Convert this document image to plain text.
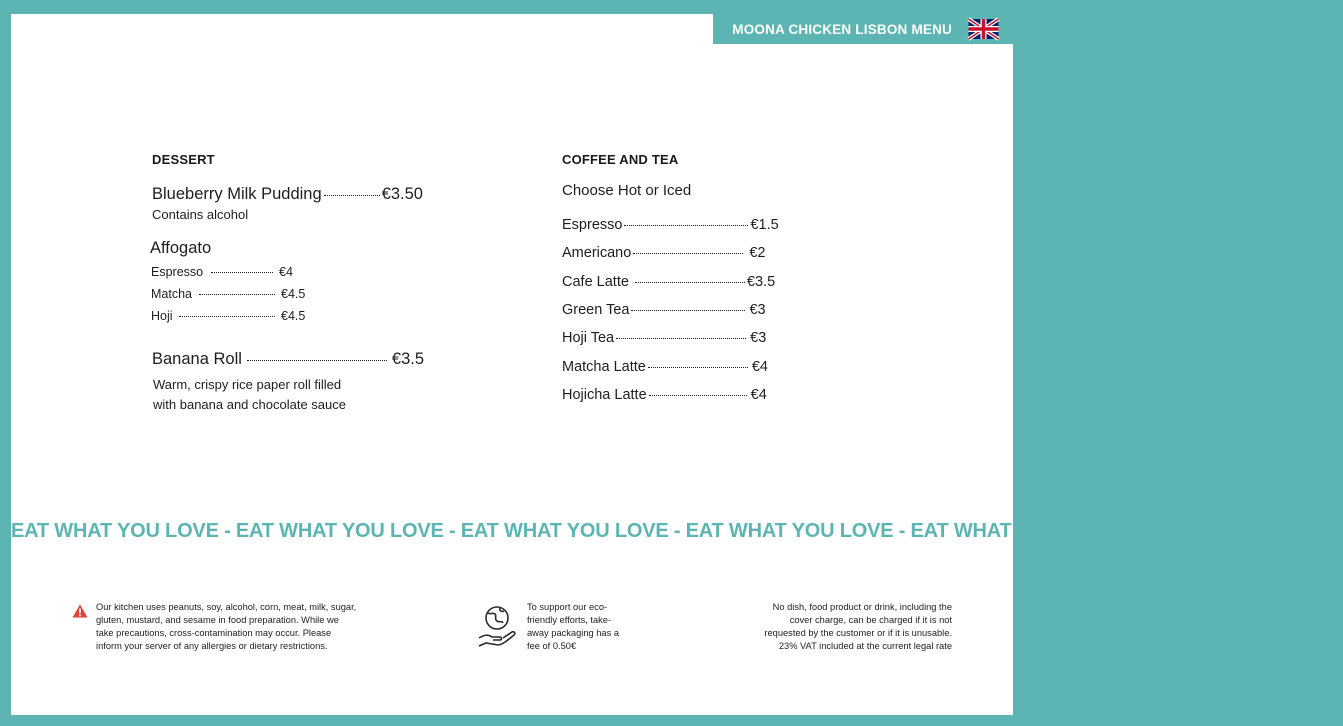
MOONA CHICKEN LISBON MENU
DESSERT
Blueberry Milk Pudding	€3.50
Contains alcohol
Affogato
Espresso	€4
Matcha	€4.5
Hoji	€4.5
Banana Roll	€3.5
Warm, crispy rice paper roll filled
with banana and chocolate sauce
COFFEE AND TEA
Choose Hot or Iced
Espresso	€1.5
Americano	€2
Cafe Latte	€3.5
Green Tea	€3
Hoji Tea	€3
Matcha Latte	€4
Hojicha Latte	€4
EAT WHAT YOU LOVE - EAT WHAT YOU LOVE - EAT WHAT YOU LOVE - EAT WHAT YOU LOVE - EAT WHAT YOU LOVE - EAT WHAT YOU LOVE
Our kitchen uses peanuts, soy, alcohol, corn, meat, milk, sugar,
gluten, mustard, and sesame in food preparation. While we
take precautions, cross-contamination may occur. Please
inform your server of any allergies or dietary restrictions.
To support our eco-
friendly efforts, take-
away packaging has a
fee of 0.50€
No dish, food product or drink, including the
cover charge, can be charged if it is not
requested by the customer or if it is unusable.
23% VAT included at the current legal rate
